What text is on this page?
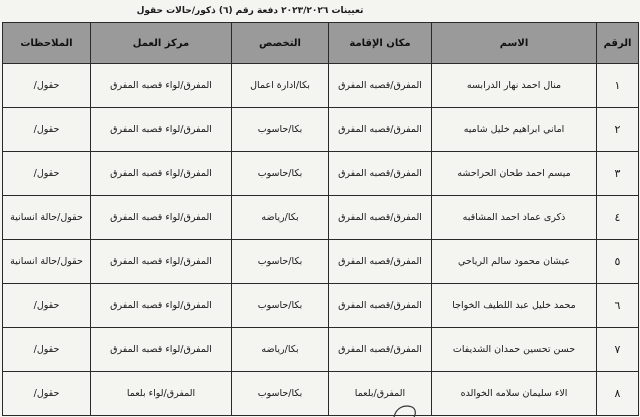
تعيينات ٢٠٢٣/٢٠٢٦ دفعة رقم (٦) ذكور/حالات حقول
الرقم	الاسم	مكان الإقامة	التخصص	مركز العمل	الملاحظات
١	منال احمد نهار الدرابسه	المفرق/قصبه المفرق	بكا/ادارة اعمال	المفرق/لواء قصبه المفرق	حقول/
٢	اماني ابراهيم خليل شاميه	المفرق/قصبه المفرق	بكا/حاسوب	المفرق/لواء قصبه المفرق	حقول/
٣	ميسم احمد طحان الحراحشه	المفرق/قصبه المفرق	بكا/حاسوب	المفرق/لواء قصبه المفرق	حقول/
٤	ذكرى عماد احمد المشاقبه	المفرق/قصبه المفرق	بكا/رياضه	المفرق/لواء قصبه المفرق	حقول/حالة انسانية
٥	عيشان محمود سالم الرياحي	المفرق/قصبه المفرق	بكا/حاسوب	المفرق/لواء قصبه المفرق	حقول/حالة انسانية
٦	محمد خليل عبد اللطيف الخواجا	المفرق/قصبه المفرق	بكا/حاسوب	المفرق/لواء قصبه المفرق	حقول/
٧	حسن تحسين حمدان الشديفات	المفرق/قصبه المفرق	بكا/رياضه	المفرق/لواء قصبه المفرق	حقول/
٨	الاء سليمان سلامه الخوالده	المفرق/بلعما	بكا/حاسوب	المفرق/لواء بلعما	حقول/
